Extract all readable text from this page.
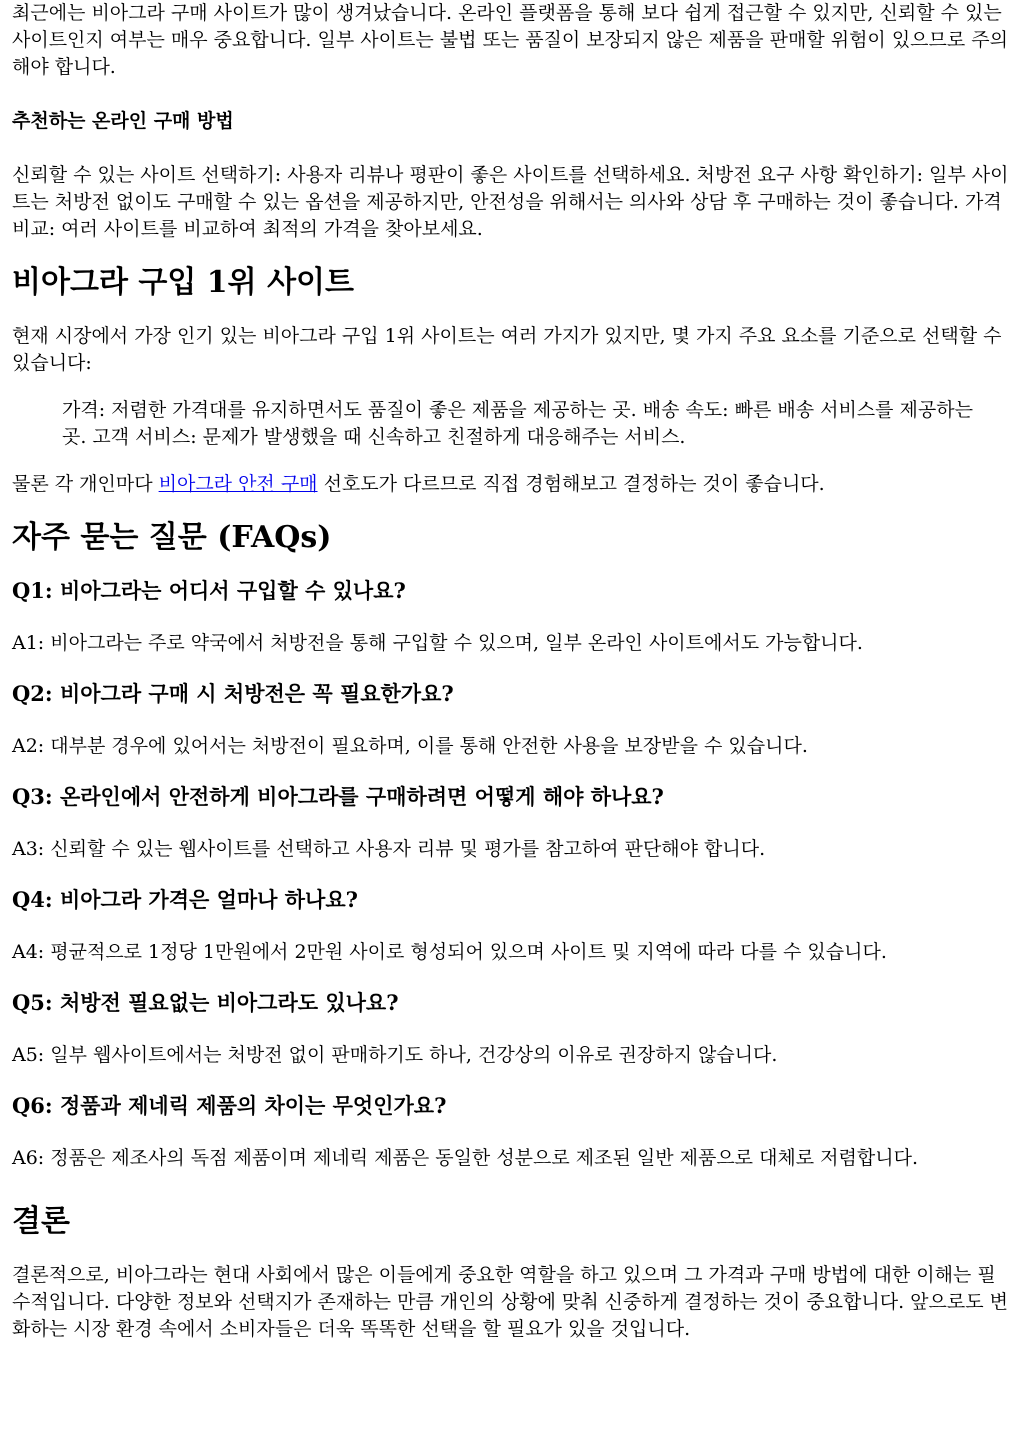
최근에는 비아그라 구매 사이트가 많이 생겨났습니다. 온라인 플랫폼을 통해 보다 쉽게 접근할 수 있지만, 신뢰할 수 있는 사이트인지 여부는 매우 중요합니다. 일부 사이트는 불법 또는 품질이 보장되지 않은 제품을 판매할 위험이 있으므로 주의해야 합니다.

추천하는 온라인 구매 방법

신뢰할 수 있는 사이트 선택하기: 사용자 리뷰나 평판이 좋은 사이트를 선택하세요. 처방전 요구 사항 확인하기: 일부 사이트는 처방전 없이도 구매할 수 있는 옵션을 제공하지만, 안전성을 위해서는 의사와 상담 후 구매하는 것이 좋습니다. 가격 비교: 여러 사이트를 비교하여 최적의 가격을 찾아보세요.

비아그라 구입 1위 사이트

현재 시장에서 가장 인기 있는 비아그라 구입 1위 사이트는 여러 가지가 있지만, 몇 가지 주요 요소를 기준으로 선택할 수 있습니다:

가격: 저렴한 가격대를 유지하면서도 품질이 좋은 제품을 제공하는 곳. 배송 속도: 빠른 배송 서비스를 제공하는 곳. 고객 서비스: 문제가 발생했을 때 신속하고 친절하게 대응해주는 서비스.

물론 각 개인마다 비아그라 안전 구매 선호도가 다르므로 직접 경험해보고 결정하는 것이 좋습니다.

자주 묻는 질문 (FAQs)
Q1: 비아그라는 어디서 구입할 수 있나요?

A1: 비아그라는 주로 약국에서 처방전을 통해 구입할 수 있으며, 일부 온라인 사이트에서도 가능합니다.

Q2: 비아그라 구매 시 처방전은 꼭 필요한가요?

A2: 대부분 경우에 있어서는 처방전이 필요하며, 이를 통해 안전한 사용을 보장받을 수 있습니다.

Q3: 온라인에서 안전하게 비아그라를 구매하려면 어떻게 해야 하나요?

A3: 신뢰할 수 있는 웹사이트를 선택하고 사용자 리뷰 및 평가를 참고하여 판단해야 합니다.

Q4: 비아그라 가격은 얼마나 하나요?

A4: 평균적으로 1정당 1만원에서 2만원 사이로 형성되어 있으며 사이트 및 지역에 따라 다를 수 있습니다.

Q5: 처방전 필요없는 비아그라도 있나요?

A5: 일부 웹사이트에서는 처방전 없이 판매하기도 하나, 건강상의 이유로 권장하지 않습니다.

Q6: 정품과 제네릭 제품의 차이는 무엇인가요?

A6: 정품은 제조사의 독점 제품이며 제네릭 제품은 동일한 성분으로 제조된 일반 제품으로 대체로 저렴합니다.

결론

결론적으로, 비아그라는 현대 사회에서 많은 이들에게 중요한 역할을 하고 있으며 그 가격과 구매 방법에 대한 이해는 필수적입니다. 다양한 정보와 선택지가 존재하는 만큼 개인의 상황에 맞춰 신중하게 결정하는 것이 중요합니다. 앞으로도 변화하는 시장 환경 속에서 소비자들은 더욱 똑똑한 선택을 할 필요가 있을 것입니다.
